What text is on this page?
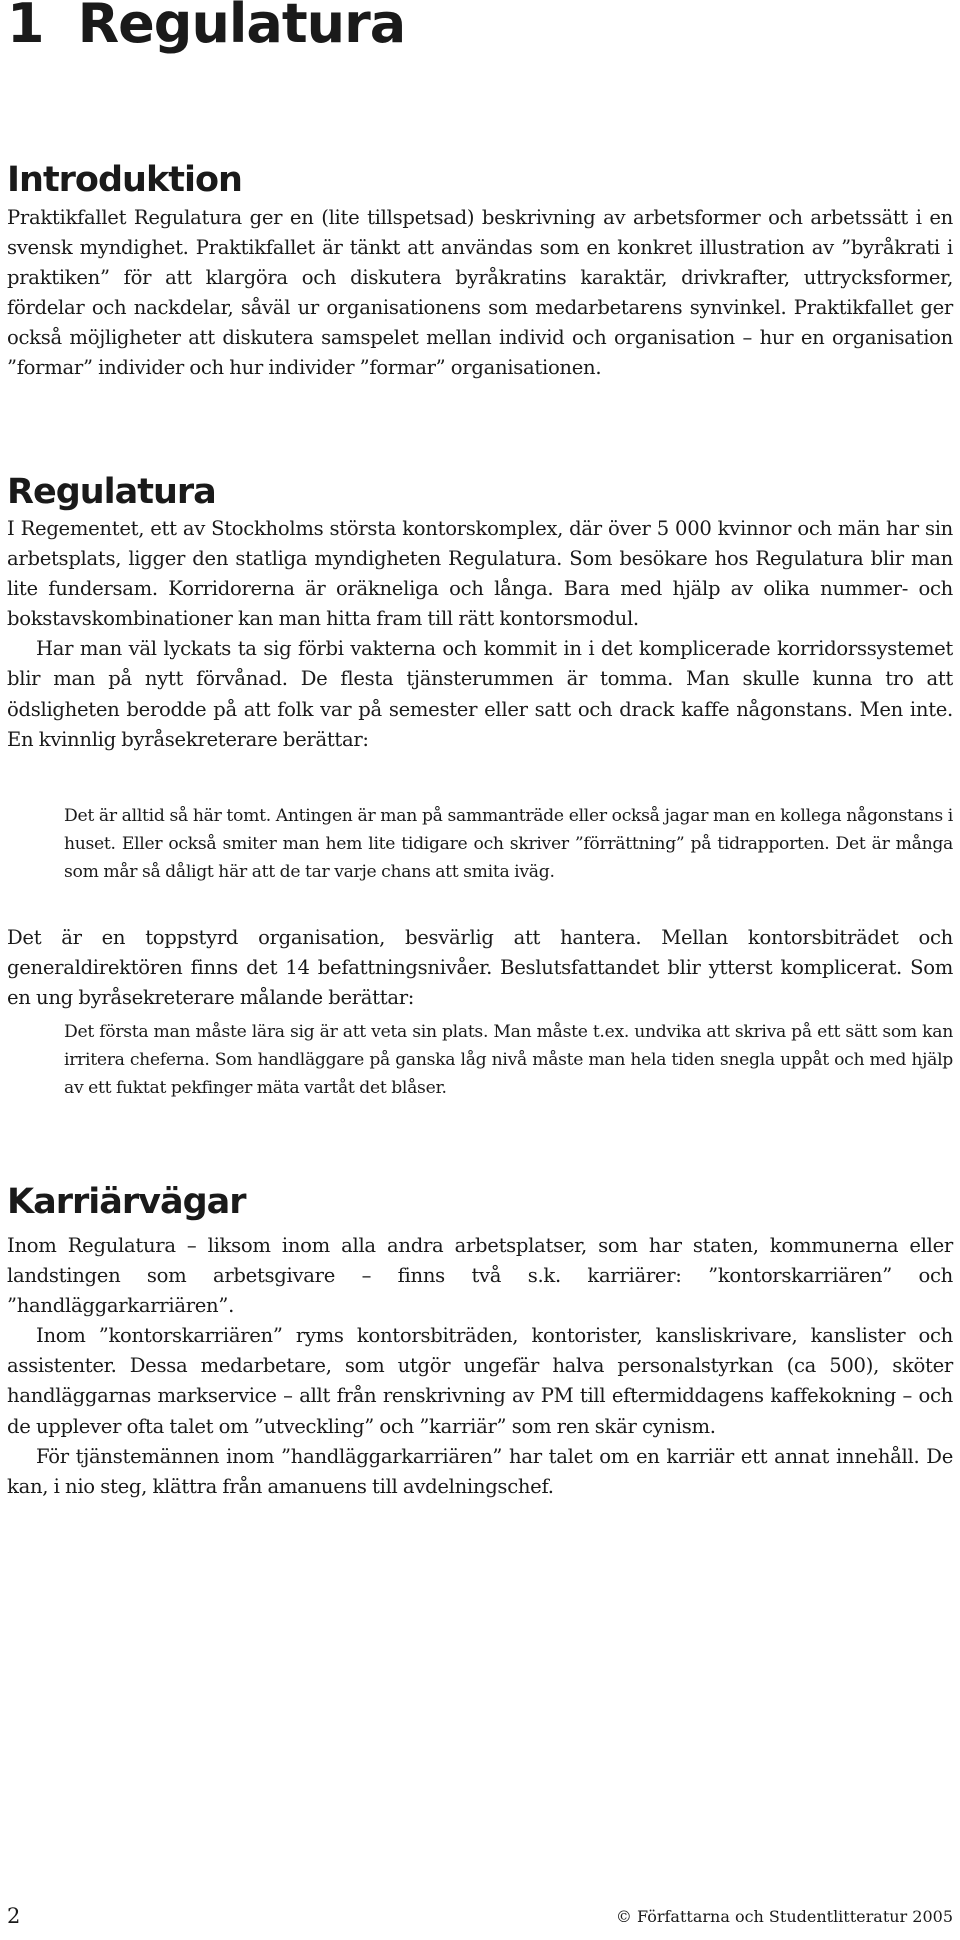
1 Regulatura
Introduktion

Praktikfallet Regulatura ger en (lite tillspetsad) beskrivning av arbetsformer och arbetssätt i en svensk myndighet. Praktikfallet är tänkt att användas som en konkret illustration av ”byråkrati i praktiken” för att klargöra och diskutera byråkratins karaktär, drivkrafter, uttrycksformer, fördelar och nackdelar, såväl ur organisationens som medarbetarens synvinkel. Praktikfallet ger också möjligheter att diskutera samspelet mellan individ och organisation – hur en organisation ”formar” individer och hur individer ”formar” organisationen.

Regulatura

I Regementet, ett av Stockholms största kontorskomplex, där över 5 000 kvinnor och män har sin arbetsplats, ligger den statliga myndigheten Regulatura. Som besökare hos Regulatura blir man lite fundersam. Korridorerna är oräkneliga och långa. Bara med hjälp av olika nummer- och bokstavskombinationer kan man hitta fram till rätt kontorsmodul.

Har man väl lyckats ta sig förbi vakterna och kommit in i det komplicerade korridorssystemet blir man på nytt förvånad. De flesta tjänsterummen är tomma. Man skulle kunna tro att ödsligheten berodde på att folk var på semester eller satt och drack kaffe någonstans. Men inte. En kvinnlig byråsekreterare berättar:

Det är alltid så här tomt. Antingen är man på sammanträde eller också jagar man en kollega någonstans i huset. Eller också smiter man hem lite tidigare och skriver ”förrättning” på tidrapporten. Det är många som mår så dåligt här att de tar varje chans att smita iväg.

Det är en toppstyrd organisation, besvärlig att hantera. Mellan kontorsbiträdet och generaldirektören finns det 14 befattningsnivåer. Beslutsfattandet blir ytterst komplicerat. Som en ung byråsekreterare målande berättar:

Det första man måste lära sig är att veta sin plats. Man måste t.ex. undvika att skriva på ett sätt som kan irritera cheferna. Som handläggare på ganska låg nivå måste man hela tiden snegla uppåt och med hjälp av ett fuktat pekfinger mäta vartåt det blåser.

Karriärvägar

Inom Regulatura – liksom inom alla andra arbetsplatser, som har staten, kommunerna eller landstingen som arbetsgivare – finns två s.k. karriärer: ”kontorskarriären” och ”handläggarkarriären”.

Inom ”kontorskarriären” ryms kontorsbiträden, kontorister, kansliskrivare, kanslister och assistenter. Dessa medarbetare, som utgör ungefär halva personalstyrkan (ca 500), sköter handläggarnas markservice – allt från renskrivning av PM till eftermiddagens kaffekokning – och de upplever ofta talet om ”utveckling” och ”karriär” som ren skär cynism.

För tjänstemännen inom ”handläggarkarriären” har talet om en karriär ett annat innehåll. De kan, i nio steg, klättra från amanuens till avdelningschef.

2	© Författarna och Studentlitteratur 2005
